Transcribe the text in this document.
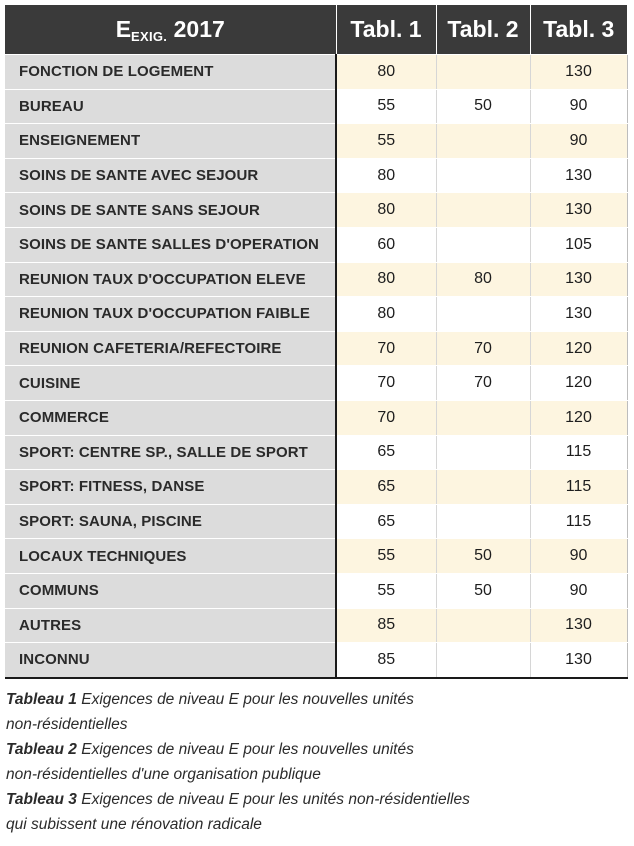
$E_{EXIG.}$ 2017	Tabl. 1	Tabl. 2	Tabl. 3
FONCTION DE LOGEMENT	80		130
BUREAU	55	50	90
ENSEIGNEMENT	55		90
SOINS DE SANTE AVEC SEJOUR	80		130
SOINS DE SANTE SANS SEJOUR	80		130
SOINS DE SANTE SALLES D'OPERATION	60		105
REUNION TAUX D'OCCUPATION ELEVE	80	80	130
REUNION TAUX D'OCCUPATION FAIBLE	80		130
REUNION CAFETERIA/REFECTOIRE	70	70	120
CUISINE	70	70	120
COMMERCE	70		120
SPORT: CENTRE SP., SALLE DE SPORT	65		115
SPORT: FITNESS, DANSE	65		115
SPORT: SAUNA, PISCINE	65		115
LOCAUX TECHNIQUES	55	50	90
COMMUNS	55	50	90
AUTRES	85		130
INCONNU	85		130
Tableau 1 Exigences de niveau E pour les nouvelles unités
non-résidentielles
Tableau 2 Exigences de niveau E pour les nouvelles unités
non-résidentielles d'une organisation publique
Tableau 3 Exigences de niveau E pour les unités non-résidentielles
qui subissent une rénovation radicale
